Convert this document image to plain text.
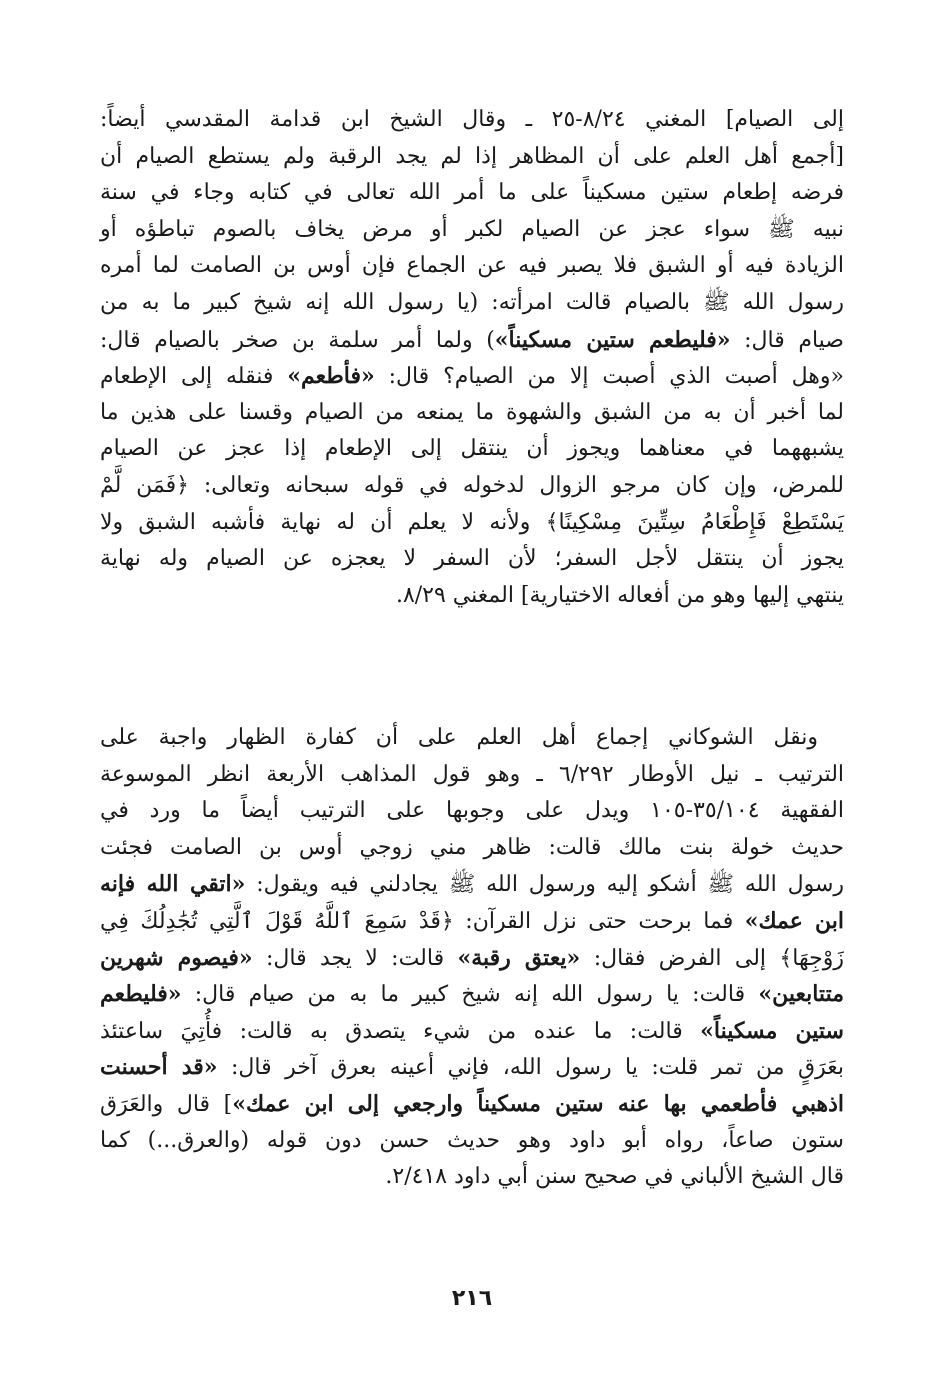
إلى الصيام] المغني ٨/٢٤-٢٥ ـ وقال الشيخ ابن قدامة المقدسي أيضاً:
[أجمع أهل العلم على أن المظاهر إذا لم يجد الرقبة ولم يستطع الصيام أن
فرضه إطعام ستين مسكيناً على ما أمر الله تعالى في كتابه وجاء في سنة
نبيه ﷺ سواء عجز عن الصيام لكبر أو مرض يخاف بالصوم تباطؤه أو
الزيادة فيه أو الشبق فلا يصبر فيه عن الجماع فإن أوس بن الصامت لما أمره
رسول الله ﷺ بالصيام قالت امرأته: (يا رسول الله إنه شيخ كبير ما به من
صيام قال: «فليطعم ستين مسكيناً») ولما أمر سلمة بن صخر بالصيام قال:
«وهل أصبت الذي أصبت إلا من الصيام؟ قال: «فأطعم» فنقله إلى الإطعام
لما أخبر أن به من الشبق والشهوة ما يمنعه من الصيام وقسنا على هذين ما
يشبههما في معناهما ويجوز أن ينتقل إلى الإطعام إذا عجز عن الصيام
للمرض، وإن كان مرجو الزوال لدخوله في قوله سبحانه وتعالى: ﴿فَمَن لَّمْ
يَسْتَطِعْ فَإِطْعَامُ سِتِّينَ مِسْكِينًا﴾ ولأنه لا يعلم أن له نهاية فأشبه الشبق ولا
يجوز أن ينتقل لأجل السفر؛ لأن السفر لا يعجزه عن الصيام وله نهاية
ينتهي إليها وهو من أفعاله الاختيارية] المغني ٨/٢٩.
ونقل الشوكاني إجماع أهل العلم على أن كفارة الظهار واجبة على
الترتيب ـ نيل الأوطار ٦/٢٩٢ ـ وهو قول المذاهب الأربعة انظر الموسوعة
الفقهية ٣٥/١٠٤-١٠٥ ويدل على وجوبها على الترتيب أيضاً ما ورد في
حديث خولة بنت مالك قالت: ظاهر مني زوجي أوس بن الصامت فجئت
رسول الله ﷺ أشكو إليه ورسول الله ﷺ يجادلني فيه ويقول: «اتقي الله فإنه
ابن عمك» فما برحت حتى نزل القرآن: ﴿قَدْ سَمِعَ ٱللَّهُ قَوْلَ ٱلَّتِي تُجَٰدِلُكَ فِي
زَوْجِهَا﴾ إلى الفرض فقال: «يعتق رقبة» قالت: لا يجد قال: «فيصوم شهرين
متتابعين» قالت: يا رسول الله إنه شيخ كبير ما به من صيام قال: «فليطعم
ستين مسكيناً» قالت: ما عنده من شيء يتصدق به قالت: فأُتِيَ ساعتئذ
بعَرَقٍ من تمر قلت: يا رسول الله، فإني أعينه بعرق آخر قال: «قد أحسنت
اذهبي فأطعمي بها عنه ستين مسكيناً وارجعي إلى ابن عمك»] قال والعَرَق
ستون صاعاً، رواه أبو داود وهو حديث حسن دون قوله (والعرق...) كما
قال الشيخ الألباني في صحيح سنن أبي داود ٢/٤١٨.
٢١٦
